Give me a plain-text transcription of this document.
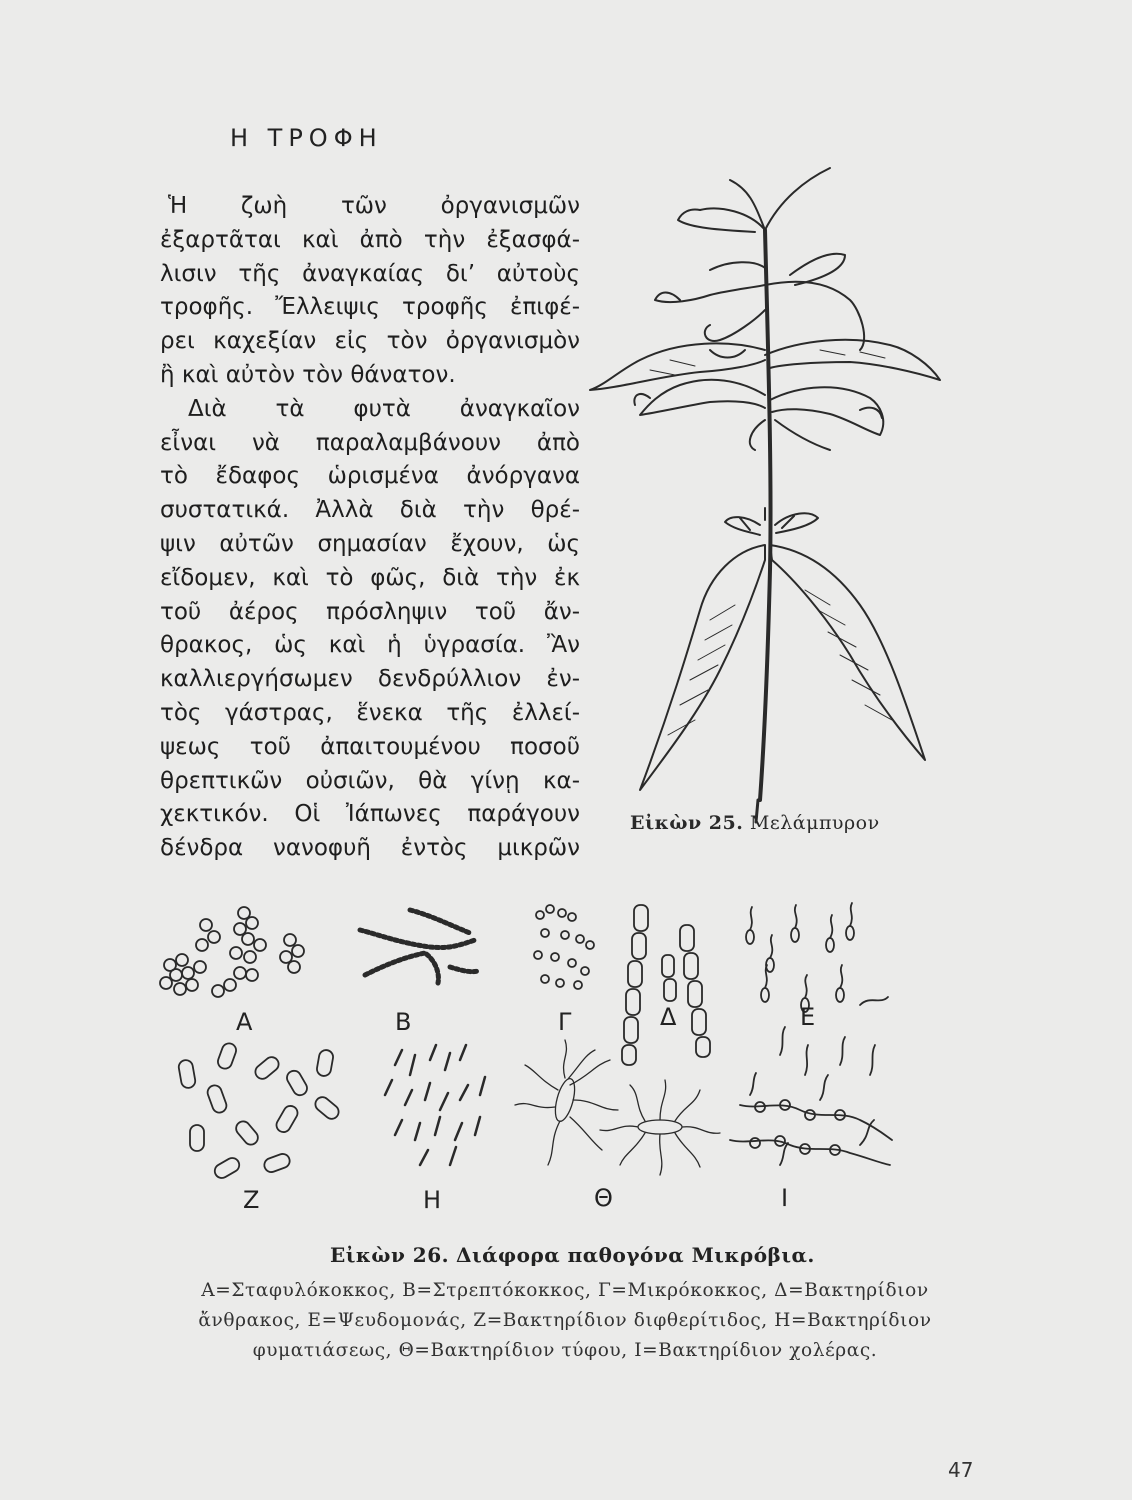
Η ΤΡΟΦΗ
Ἡ ζωὴ τῶν ὀργανισμῶν
ἐξαρτᾶται καὶ ἀπὸ τὴν ἐξασφά-
λισιν τῆς ἀναγκαίας δι’ αὐτοὺς
τροφῆς. Ἔλλειψις τροφῆς ἐπιφέ-
ρει καχεξίαν εἰς τὸν ὀργανισμὸν
ἢ καὶ αὐτὸν τὸν θάνατον.
Διὰ τὰ φυτὰ ἀναγκαῖον
εἶναι νὰ παραλαμβάνουν ἀπὸ
τὸ ἔδαφος ὡρισμένα ἀνόργανα
συστατικά. Ἀλλὰ διὰ τὴν θρέ-
ψιν αὐτῶν σημασίαν ἔχουν, ὡς
εἴδομεν, καὶ τὸ φῶς, διὰ τὴν ἐκ
τοῦ ἀέρος πρόσληψιν τοῦ ἄν-
θρακος, ὡς καὶ ἡ ὑγρασία. Ἂν
καλλιεργήσωμεν δενδρύλλιον ἐν-
τὸς γάστρας, ἕνεκα τῆς ἐλλεί-
ψεως τοῦ ἀπαιτουμένου ποσοῦ
θρεπτικῶν οὐσιῶν, θὰ γίνῃ κα-
χεκτικόν. Οἱ Ἰάπωνες παράγουν
δένδρα νανοφυῆ ἐντὸς μικρῶν
Εἰκὼν 25. Μελάμπυρον
Α	Β	Γ	Δ	Ε
Ζ	Η	Θ	Ι
Εἰκὼν 26. Διάφορα παθογόνα Μικρόβια.
Α=Σταφυλόκοκκος, Β=Στρεπτόκοκκος, Γ=Μικρόκοκκος, Δ=Βακτηρίδιον
ἄνθρακος, Ε=Ψευδομονάς, Ζ=Βακτηρίδιον διφθερίτιδος, Η=Βακτηρίδιον
φυματιάσεως, Θ=Βακτηρίδιον τύφου, Ι=Βακτηρίδιον χολέρας.
47
